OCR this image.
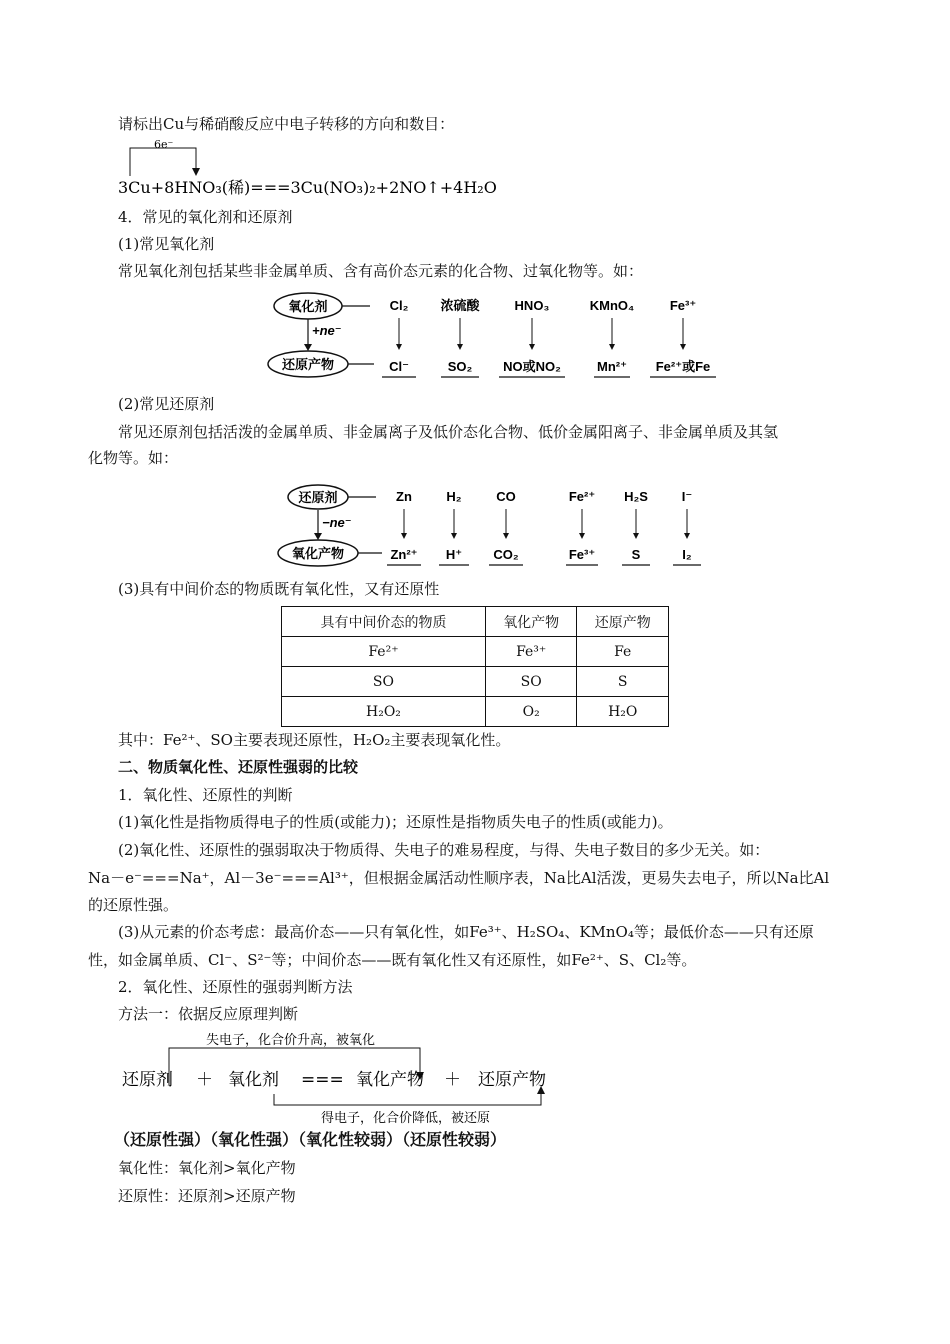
请标出Cu与稀硝酸反应中电子转移的方向和数目：
6e⁻
3Cu+8HNO₃(稀)===3Cu(NO₃)₂+2NO↑+4H₂O
4．常见的氧化剂和还原剂
(1)常见氧化剂
常见氧化剂包括某些非金属单质、含有高价态元素的化合物、过氧化物等。如：
氧化剂
还原产物
+ne⁻
Cl₂
Cl⁻
浓硫酸
SO₂
HNO₃
NO或NO₂
KMnO₄
Mn²⁺
Fe³⁺
Fe²⁺或Fe
(2)常见还原剂
常见还原剂包括活泼的金属单质、非金属离子及低价态化合物、低价金属阳离子、非金属单质及其氢
化物等。如：
还原剂
氧化产物
−ne⁻
Zn
Zn²⁺
H₂
H⁺
CO
CO₂
Fe²⁺
Fe³⁺
H₂S
S
I⁻
I₂
(3)具有中间价态的物质既有氧化性，又有还原性
具有中间价态的物质	氧化产物	还原产物
Fe²⁺	Fe³⁺	Fe
SO	SO	S
H₂O₂	O₂	H₂O
其中：Fe²⁺、SO主要表现还原性，H₂O₂主要表现氧化性。
二、物质氧化性、还原性强弱的比较
1．氧化性、还原性的判断
(1)氧化性是指物质得电子的性质(或能力)；还原性是指物质失电子的性质(或能力)。
(2)氧化性、还原性的强弱取决于物质得、失电子的难易程度，与得、失电子数目的多少无关。如：
Na－e⁻===Na⁺，Al－3e⁻===Al³⁺，但根据金属活动性顺序表，Na比Al活泼，更易失去电子，所以Na比Al
的还原性强。
(3)从元素的价态考虑：最高价态——只有氧化性，如Fe³⁺、H₂SO₄、KMnO₄等；最低价态——只有还原
性，如金属单质、Cl⁻、S²⁻等；中间价态——既有氧化性又有还原性，如Fe²⁺、S、Cl₂等。
2．氧化性、还原性的强弱判断方法
方法一：依据反应原理判断
失电子，化合价升高，被氧化
得电子，化合价降低，被还原
还原剂 ＋ 氧化剂 === 氧化产物 ＋ 还原产物
（还原性强）（氧化性强）（氧化性较弱）（还原性较弱）
氧化性：氧化剂>氧化产物
还原性：还原剂>还原产物
